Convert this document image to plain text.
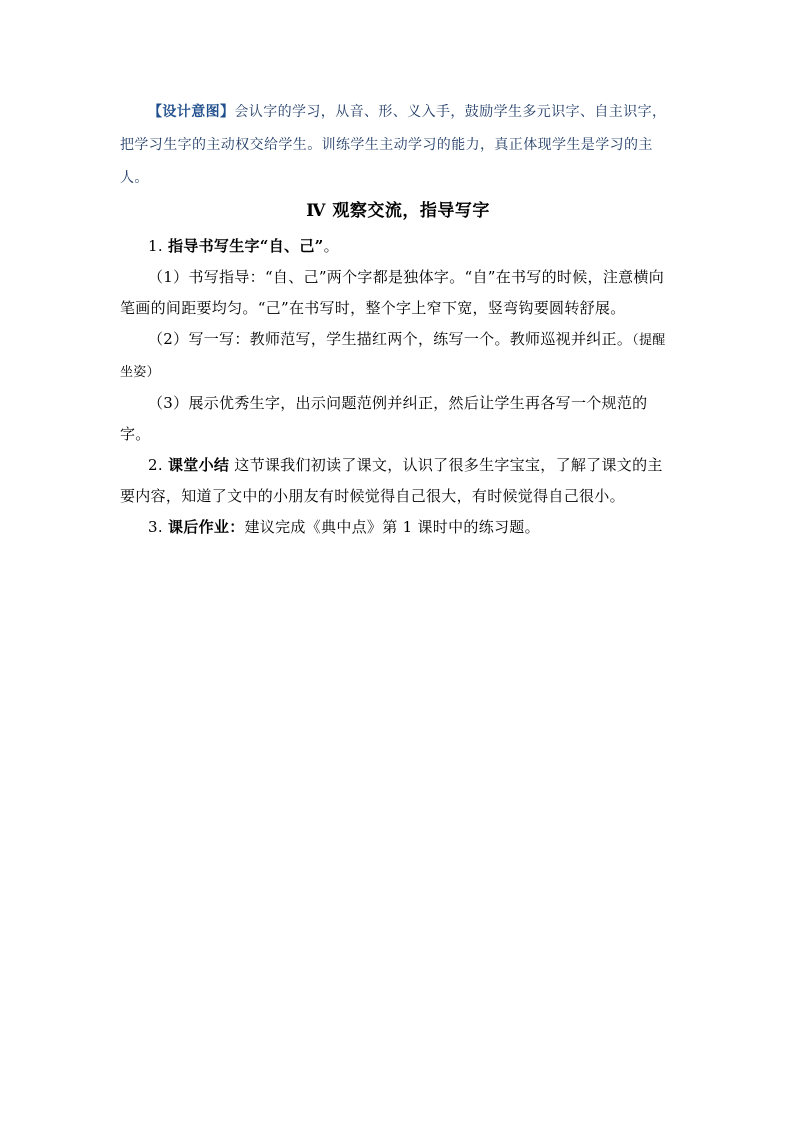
【设计意图】会认字的学习，从音、形、义入手，鼓励学生多元识字、自主识字，把学习生字的主动权交给学生。训练学生主动学习的能力，真正体现学生是学习的主人。

Ⅳ 观察交流，指导写字

1. 指导书写生字“自、己”。

（1）书写指导：“自、己”两个字都是独体字。“自”在书写的时候，注意横向笔画的间距要均匀。“己”在书写时，整个字上窄下宽，竖弯钩要圆转舒展。

（2）写一写：教师范写，学生描红两个，练写一个。教师巡视并纠正。（提醒坐姿）

（3）展示优秀生字，出示问题范例并纠正，然后让学生再各写一个规范的字。

2. 课堂小结 这节课我们初读了课文，认识了很多生字宝宝，了解了课文的主要内容，知道了文中的小朋友有时候觉得自己很大，有时候觉得自己很小。

3. 课后作业：建议完成《典中点》第 1 课时中的练习题。
